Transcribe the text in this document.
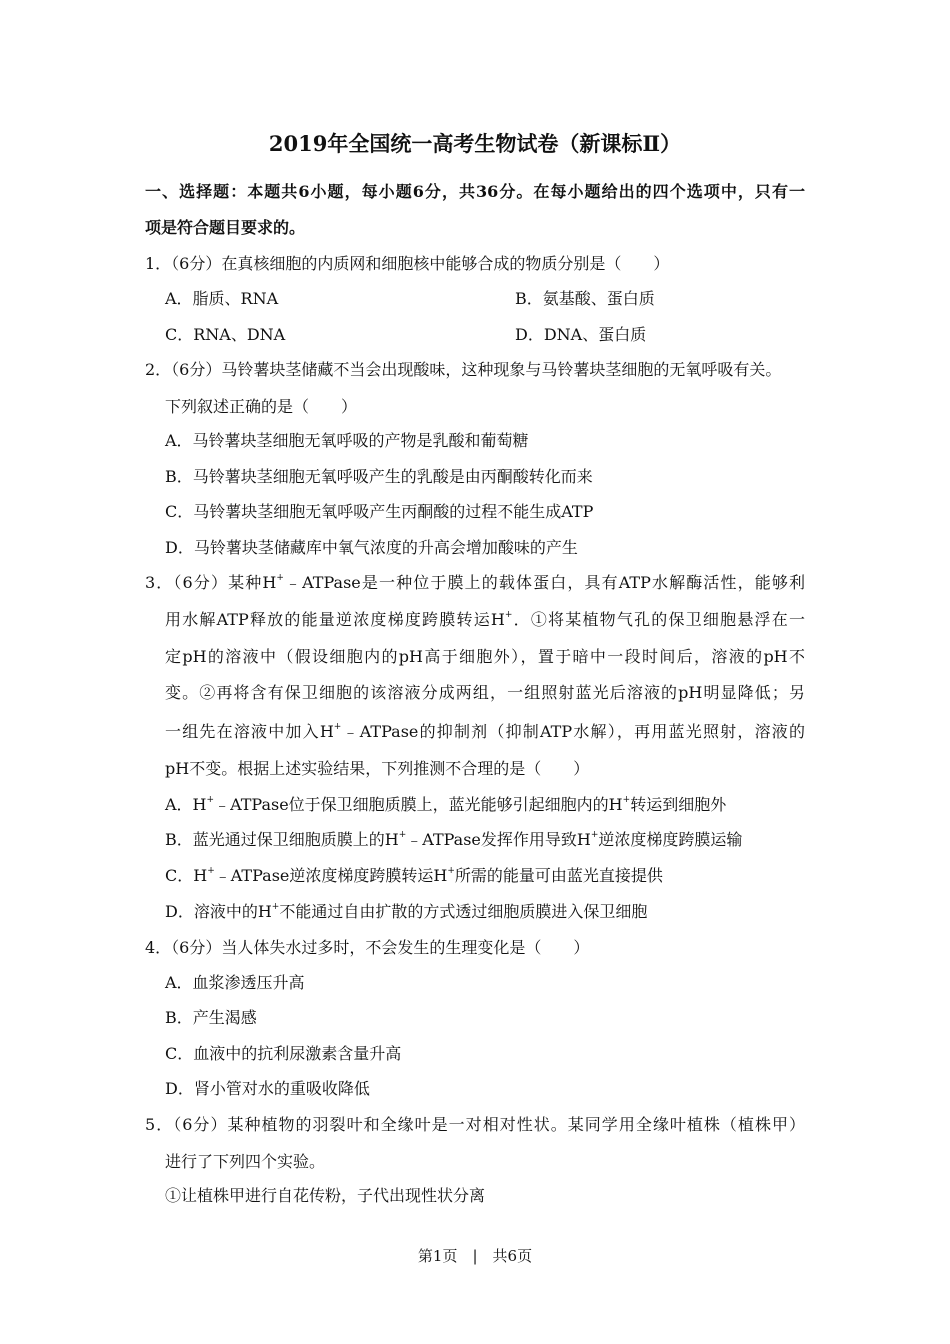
2019年全国统一高考生物试卷（新课标Ⅱ）
一、选择题：本题共6小题，每小题6分，共36分。在每小题给出的四个选项中，只有一
项是符合题目要求的。
1．（6分）在真核细胞的内质网和细胞核中能够合成的物质分别是（　　）
A．脂质、RNA	B．氨基酸、蛋白质
C．RNA、DNA	D．DNA、蛋白质
2．（6分）马铃薯块茎储藏不当会出现酸味，这种现象与马铃薯块茎细胞的无氧呼吸有关。
下列叙述正确的是（　　）
A．马铃薯块茎细胞无氧呼吸的产物是乳酸和葡萄糖
B．马铃薯块茎细胞无氧呼吸产生的乳酸是由丙酮酸转化而来
C．马铃薯块茎细胞无氧呼吸产生丙酮酸的过程不能生成ATP
D．马铃薯块茎储藏库中氧气浓度的升高会增加酸味的产生
3．（6分）某种H+﹣ATPase是一种位于膜上的载体蛋白，具有ATP水解酶活性，能够利
用水解ATP释放的能量逆浓度梯度跨膜转运H+．①将某植物气孔的保卫细胞悬浮在一
定pH的溶液中（假设细胞内的pH高于细胞外），置于暗中一段时间后，溶液的pH不
变。②再将含有保卫细胞的该溶液分成两组，一组照射蓝光后溶液的pH明显降低；另
一组先在溶液中加入H+﹣ATPase的抑制剂（抑制ATP水解），再用蓝光照射，溶液的
pH不变。根据上述实验结果，下列推测不合理的是（　　）
A．H+﹣ATPase位于保卫细胞质膜上，蓝光能够引起细胞内的H+转运到细胞外
B．蓝光通过保卫细胞质膜上的H+﹣ATPase发挥作用导致H+逆浓度梯度跨膜运输
C．H+﹣ATPase逆浓度梯度跨膜转运H+所需的能量可由蓝光直接提供
D．溶液中的H+不能通过自由扩散的方式透过细胞质膜进入保卫细胞
4．（6分）当人体失水过多时，不会发生的生理变化是（　　）
A．血浆渗透压升高
B．产生渴感
C．血液中的抗利尿激素含量升高
D．肾小管对水的重吸收降低
5．（6分）某种植物的羽裂叶和全缘叶是一对相对性状。某同学用全缘叶植株（植株甲）
进行了下列四个实验。
①让植株甲进行自花传粉，子代出现性状分离
第1页　|　共6页
